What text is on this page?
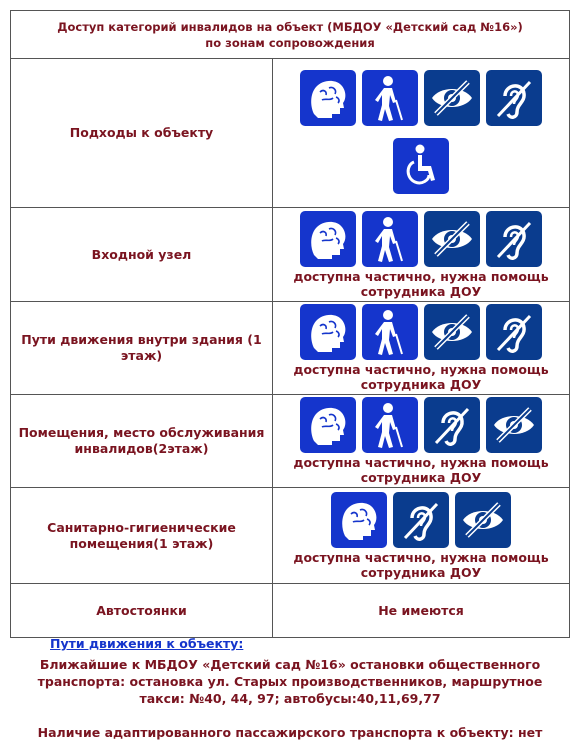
Доступ категорий инвалидов на объект (МБДОУ «Детский сад №16»)
по зонам сопровождения	

Подходы к объекту	

Входной узел	доступна частично, нужна помощь сотрудника ДОУ

Пути движения внутри здания (1 этаж)	доступна частично, нужна помощь сотрудника ДОУ

Помещения, место обслуживания инвалидов(2этаж)	доступна частично, нужна помощь сотрудника ДОУ

Санитарно-гигиенические помещения(1 этаж)	доступна частично, нужна помощь сотрудника ДОУ

Автостоянки	Не имеются
Пути движения к объекту:
Ближайшие к МБДОУ «Детский сад №16» остановки общественного транспорта: остановка ул. Старых производственников, маршрутное такси: №40, 44, 97; автобусы:40,11,69,77
Наличие адаптированного пассажирского транспорта к объекту: нет
